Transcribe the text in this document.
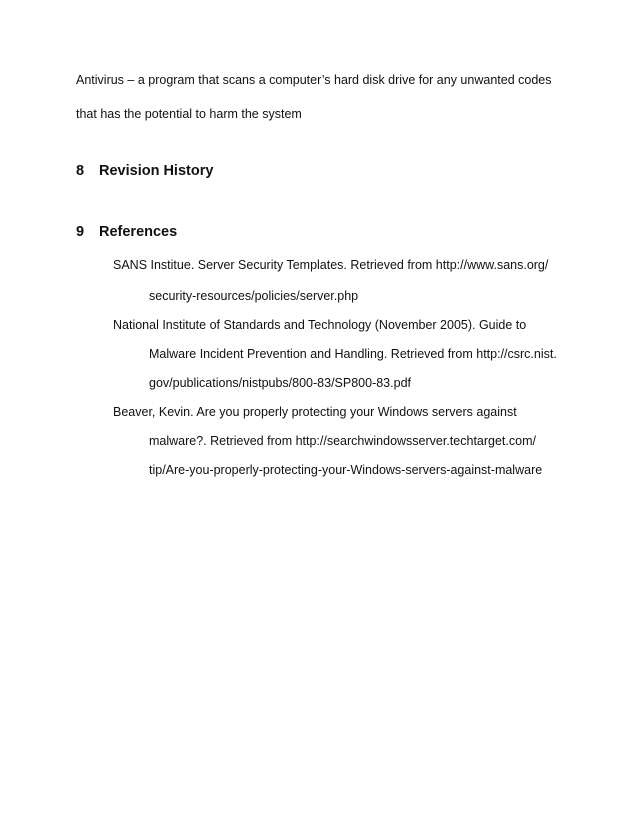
Antivirus – a program that scans a computer’s hard disk drive for any unwanted codes
that has the potential to harm the system
8 Revision History
9 References
SANS Institue. Server Security Templates. Retrieved from http://www.sans.org/
security-resources/policies/server.php
National Institute of Standards and Technology (November 2005). Guide to
Malware Incident Prevention and Handling. Retrieved from http://csrc.nist.
gov/publications/nistpubs/800-83/SP800-83.pdf
Beaver, Kevin. Are you properly protecting your Windows servers against
malware?. Retrieved from http://searchwindowsserver.techtarget.com/
tip/Are-you-properly-protecting-your-Windows-servers-against-malware
